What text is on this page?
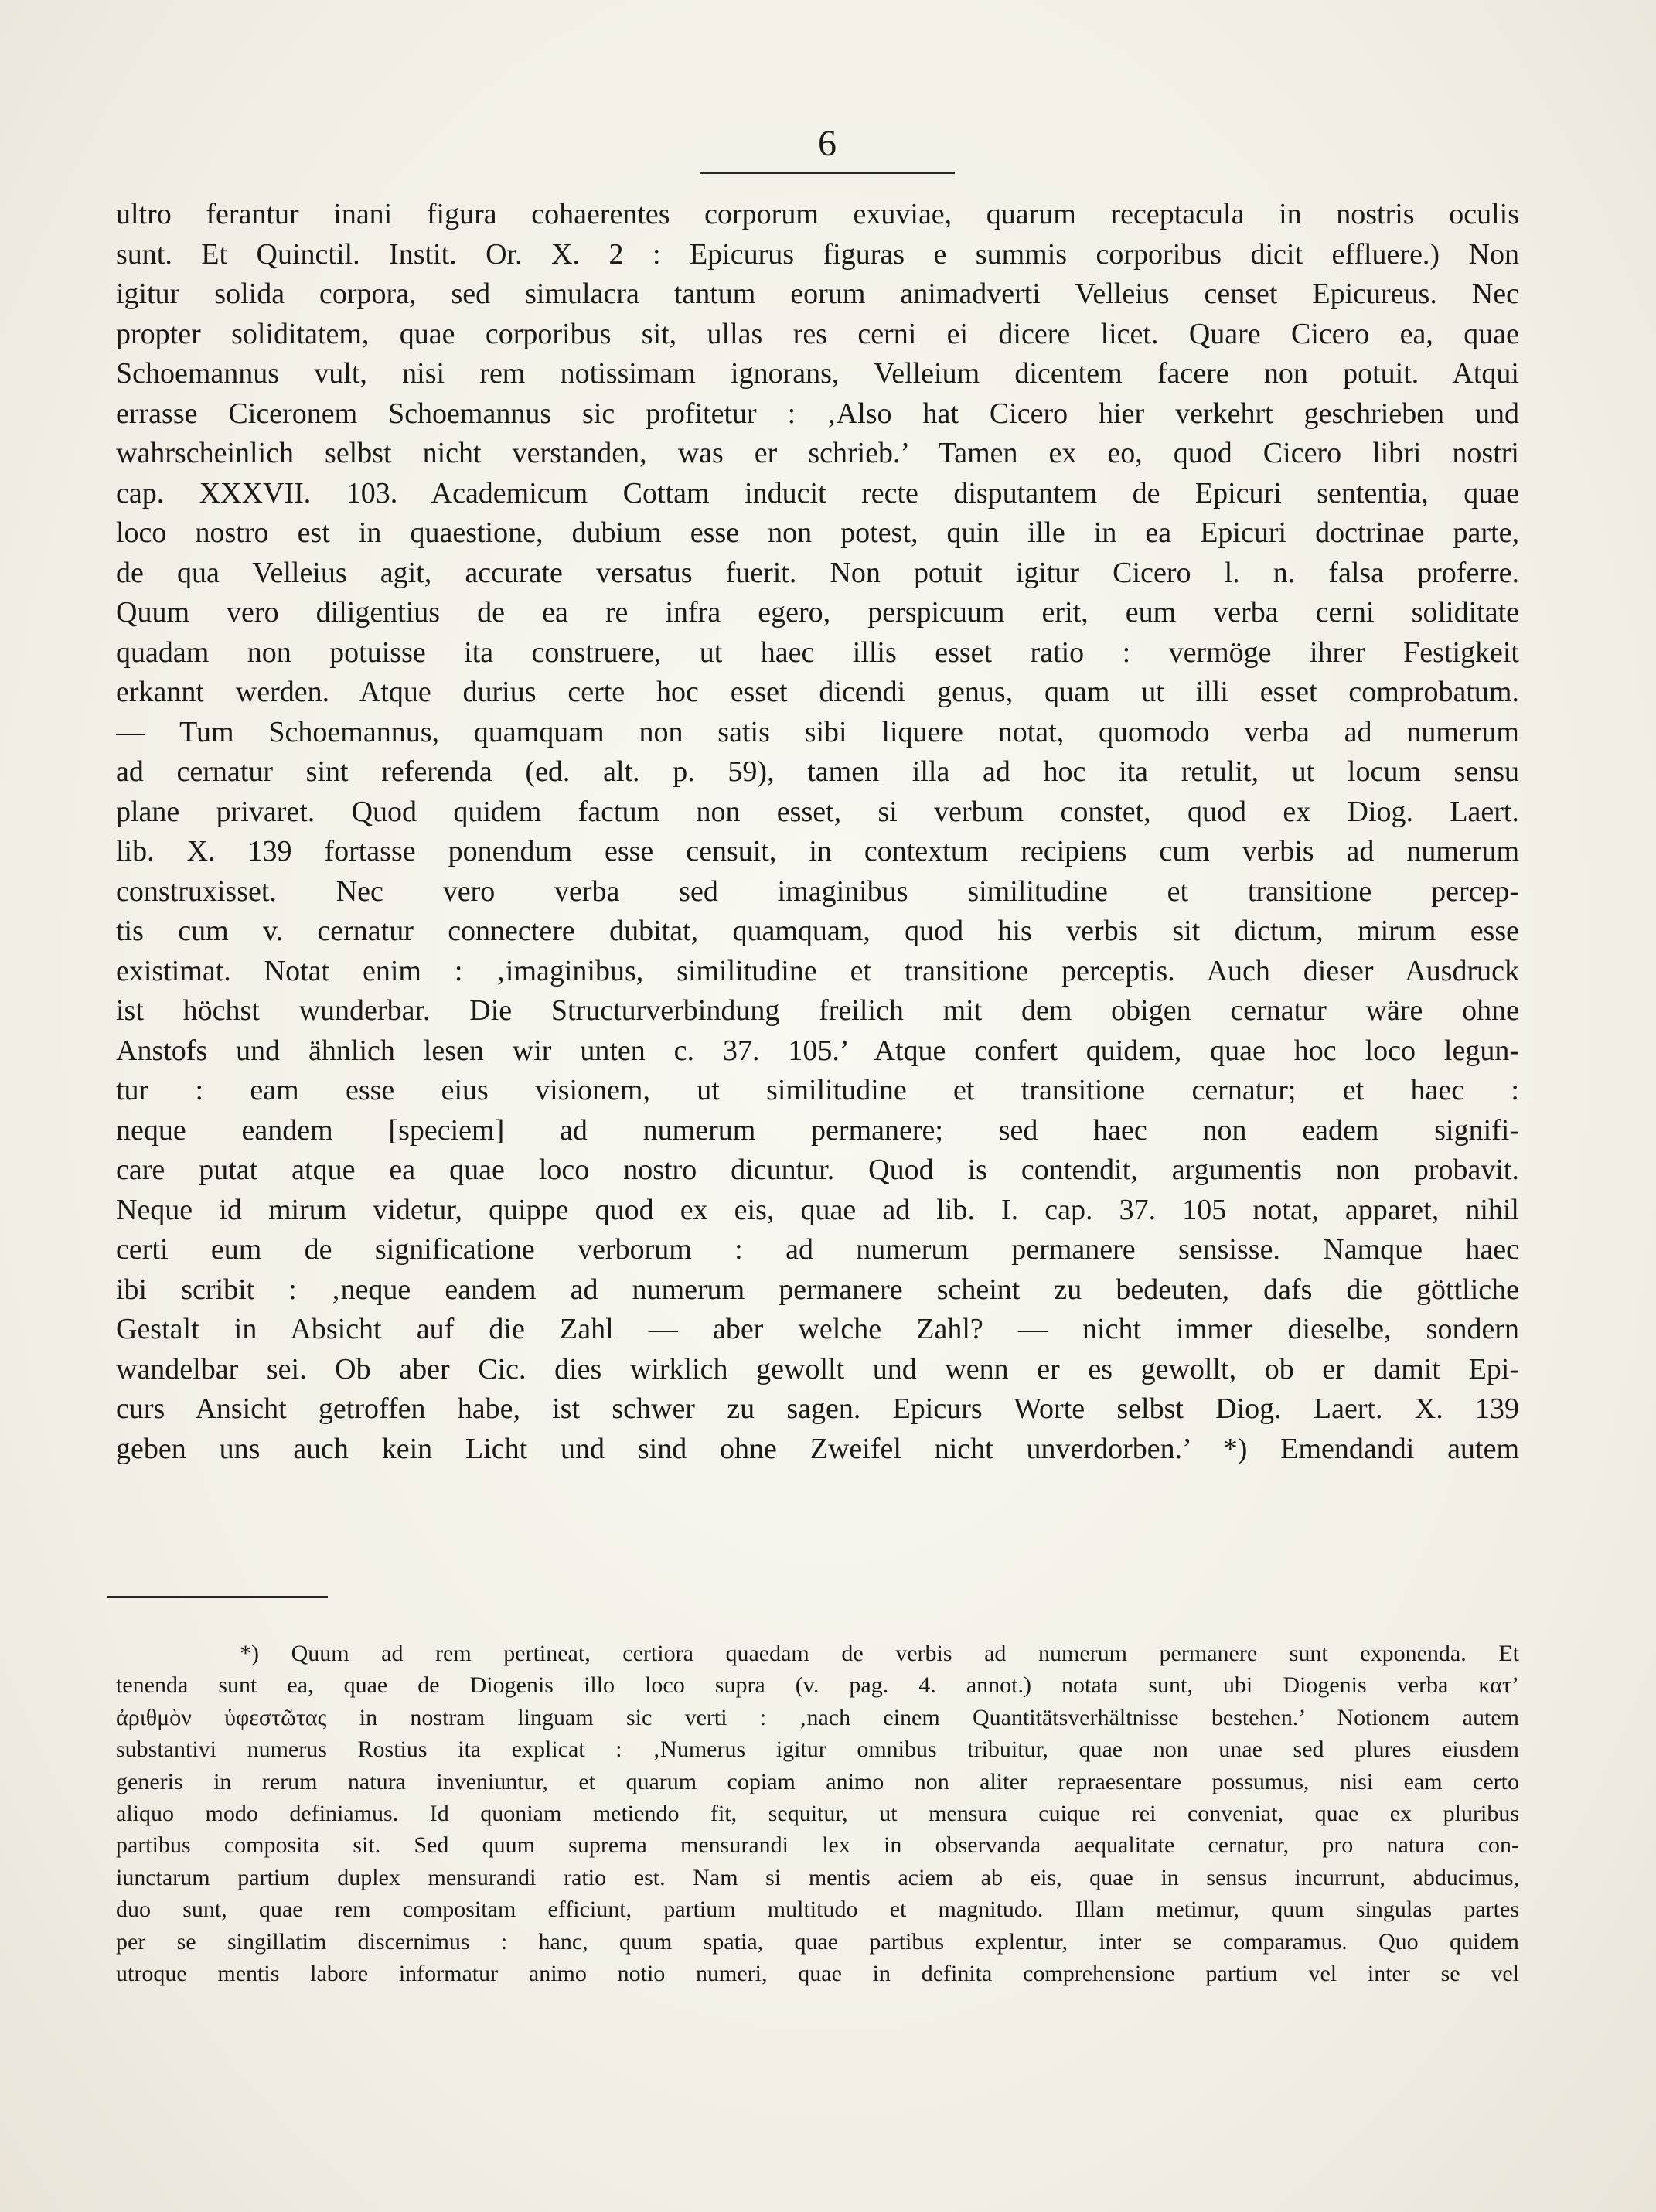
6
ultro ferantur inani figura cohaerentes corporum exuviae, quarum receptacula in nostris oculis
sunt. Et Quinctil. Instit. Or. X. 2 : Epicurus figuras e summis corporibus dicit effluere.) Non
igitur solida corpora, sed simulacra tantum eorum animadverti Velleius censet Epicureus. Nec
propter soliditatem, quae corporibus sit, ullas res cerni ei dicere licet. Quare Cicero ea, quae
Schoemannus vult, nisi rem notissimam ignorans, Velleium dicentem facere non potuit. Atqui
errasse Ciceronem Schoemannus sic profitetur : ‚Also hat Cicero hier verkehrt geschrieben und
wahrscheinlich selbst nicht verstanden, was er schrieb.’ Tamen ex eo, quod Cicero libri nostri
cap. XXXVII. 103. Academicum Cottam inducit recte disputantem de Epicuri sententia, quae
loco nostro est in quaestione, dubium esse non potest, quin ille in ea Epicuri doctrinae parte,
de qua Velleius agit, accurate versatus fuerit. Non potuit igitur Cicero l. n. falsa proferre.
Quum vero diligentius de ea re infra egero, perspicuum erit, eum verba cerni soliditate
quadam non potuisse ita construere, ut haec illis esset ratio : vermöge ihrer Festigkeit
erkannt werden. Atque durius certe hoc esset dicendi genus, quam ut illi esset comprobatum.
— Tum Schoemannus, quamquam non satis sibi liquere notat, quomodo verba ad numerum
ad cernatur sint referenda (ed. alt. p. 59), tamen illa ad hoc ita retulit, ut locum sensu
plane privaret. Quod quidem factum non esset, si verbum constet, quod ex Diog. Laert.
lib. X. 139 fortasse ponendum esse censuit, in contextum recipiens cum verbis ad numerum
construxisset. Nec vero verba sed imaginibus similitudine et transitione percep-
tis cum v. cernatur connectere dubitat, quamquam, quod his verbis sit dictum, mirum esse
existimat. Notat enim : ‚imaginibus, similitudine et transitione perceptis. Auch dieser Ausdruck
ist höchst wunderbar. Die Structurverbindung freilich mit dem obigen cernatur wäre ohne
Anstofs und ähnlich lesen wir unten c. 37. 105.’ Atque confert quidem, quae hoc loco legun-
tur : eam esse eius visionem, ut similitudine et transitione cernatur; et haec :
neque eandem [speciem] ad numerum permanere; sed haec non eadem signifi-
care putat atque ea quae loco nostro dicuntur. Quod is contendit, argumentis non probavit.
Neque id mirum videtur, quippe quod ex eis, quae ad lib. I. cap. 37. 105 notat, apparet, nihil
certi eum de significatione verborum : ad numerum permanere sensisse. Namque haec
ibi scribit : ‚neque eandem ad numerum permanere scheint zu bedeuten, dafs die göttliche
Gestalt in Absicht auf die Zahl — aber welche Zahl? — nicht immer dieselbe, sondern
wandelbar sei. Ob aber Cic. dies wirklich gewollt und wenn er es gewollt, ob er damit Epi-
curs Ansicht getroffen habe, ist schwer zu sagen. Epicurs Worte selbst Diog. Laert. X. 139
geben uns auch kein Licht und sind ohne Zweifel nicht unverdorben.’ *) Emendandi autem
*) Quum ad rem pertineat, certiora quaedam de verbis ad numerum permanere sunt exponenda. Et
tenenda sunt ea, quae de Diogenis illo loco supra (v. pag. 4. annot.) notata sunt, ubi Diogenis verba κατ’
ἀριθμὸν ὑφεστῶτας in nostram linguam sic verti : ‚nach einem Quantitätsverhältnisse bestehen.’ Notionem autem
substantivi numerus Rostius ita explicat : ‚Numerus igitur omnibus tribuitur, quae non unae sed plures eiusdem
generis in rerum natura inveniuntur, et quarum copiam animo non aliter repraesentare possumus, nisi eam certo
aliquo modo definiamus. Id quoniam metiendo fit, sequitur, ut mensura cuique rei conveniat, quae ex pluribus
partibus composita sit. Sed quum suprema mensurandi lex in observanda aequalitate cernatur, pro natura con-
iunctarum partium duplex mensurandi ratio est. Nam si mentis aciem ab eis, quae in sensus incurrunt, abducimus,
duo sunt, quae rem compositam efficiunt, partium multitudo et magnitudo. Illam metimur, quum singulas partes
per se singillatim discernimus : hanc, quum spatia, quae partibus explentur, inter se comparamus. Quo quidem
utroque mentis labore informatur animo notio numeri, quae in definita comprehensione partium vel inter se vel
